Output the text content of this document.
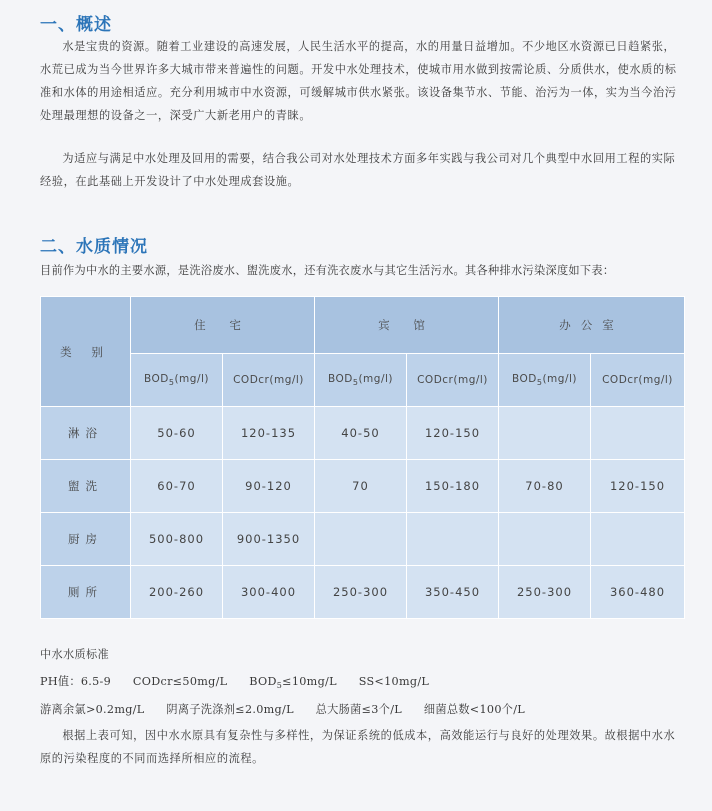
一、概述

水是宝贵的资源。随着工业建设的高速发展，人民生活水平的提高，水的用量日益增加。不少地区水资源已日趋紧张，水荒已成为当今世界许多大城市带来普遍性的问题。开发中水处理技术，使城市用水做到按需论质、分质供水，使水质的标准和水体的用途相适应。充分利用城市中水资源，可缓解城市供水紧张。该设备集节水、节能、治污为一体，实为当今治污处理最理想的设备之一，深受广大新老用户的青睐。

为适应与满足中水处理及回用的需要，结合我公司对水处理技术方面多年实践与我公司对几个典型中水回用工程的实际经验，在此基础上开发设计了中水处理成套设施。

二、水质情况

目前作为中水的主要水源，是洗浴废水、盥洗废水，还有洗衣废水与其它生活污水。其各种排水污染深度如下表：

类 别	住 宅		宾 馆		办公室	
	$BOD_5(mg/l)$	CODcr(mg/l)	$BOD_5(mg/l)$	CODcr(mg/l)	$BOD_5(mg/l)$	CODcr(mg/l)
淋浴	50-60	120-135	40-50	120-150		
盥洗	60-70	90-120	70	150-180	70-80	120-150
厨房	500-800	900-1350				
厕所	200-260	300-400	250-300	350-450	250-300	360-480

中水水质标准

PH值：6.5-9 CODcr≤50mg/L $BOD_5\le 10mg/L$ SS<10mg/L

游离余氯>0.2mg/L 阴离子洗涤剂≤2.0mg/L 总大肠菌≤3个/L 细菌总数<100个/L

根据上表可知，因中水水原具有复杂性与多样性，为保证系统的低成本，高效能运行与良好的处理效果。故根据中水水原的污染程度的不同而选择所相应的流程。
